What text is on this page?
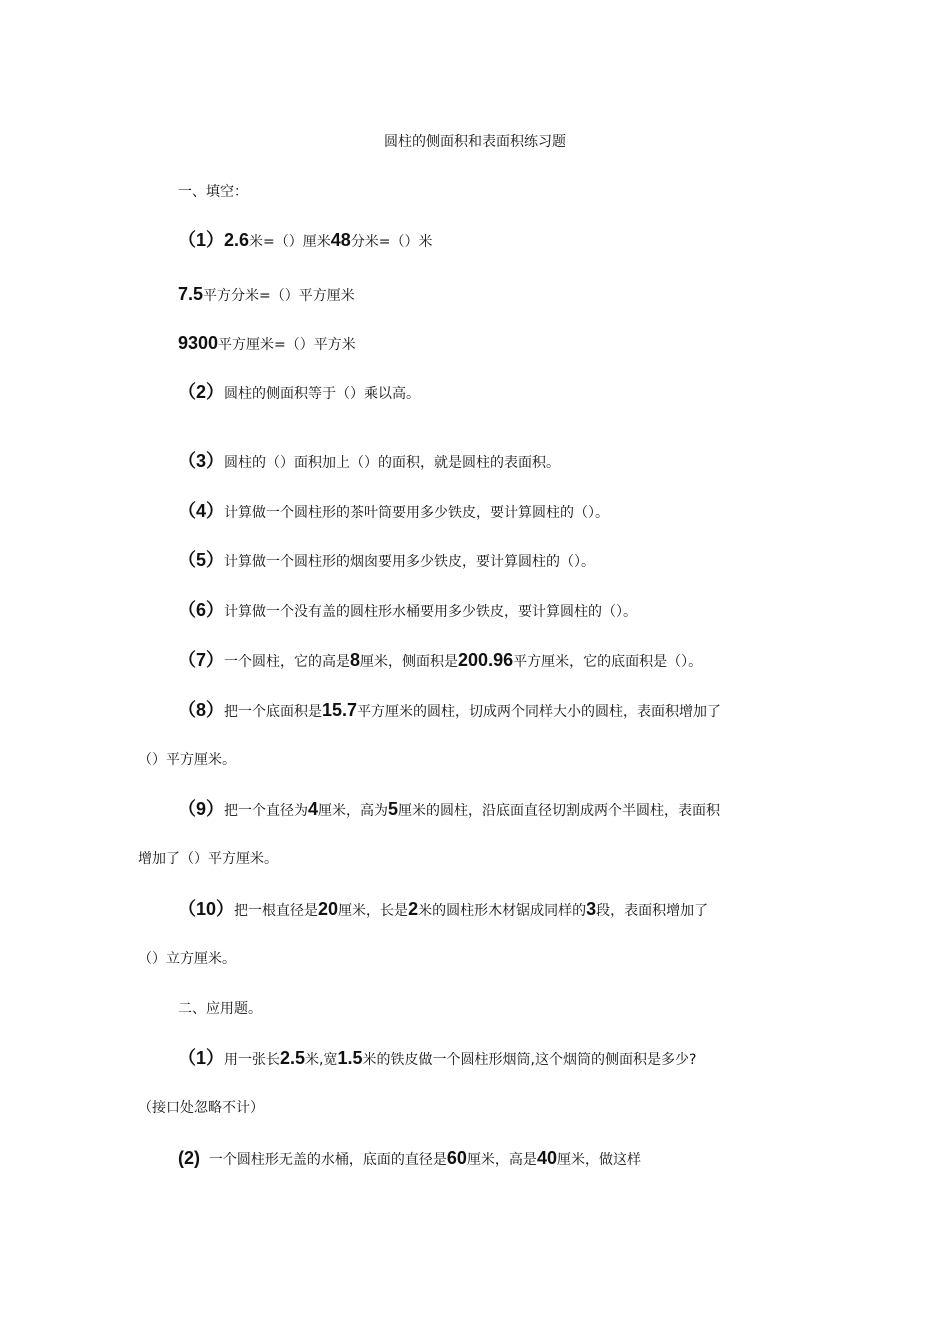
圆柱的侧面积和表面积练习题
一、填空：
（1）2.6米=（）厘米48分米=（）米
7.5平方分米=（）平方厘米
9300平方厘米=（）平方米
（2）圆柱的侧面积等于（）乘以高。
（3）圆柱的（）面积加上（）的面积，就是圆柱的表面积。
（4）计算做一个圆柱形的茶叶筒要用多少铁皮，要计算圆柱的（）。
（5）计算做一个圆柱形的烟囱要用多少铁皮，要计算圆柱的（）。
（6）计算做一个没有盖的圆柱形水桶要用多少铁皮，要计算圆柱的（）。
（7）一个圆柱，它的高是8厘米，侧面积是200.96平方厘米，它的底面积是（）。
（8）把一个底面积是15.7平方厘米的圆柱，切成两个同样大小的圆柱，表面积增加了
（）平方厘米。
（9）把一个直径为4厘米，高为5厘米的圆柱，沿底面直径切割成两个半圆柱，表面积
增加了（）平方厘米。
（10）把一根直径是20厘米，长是2米的圆柱形木材锯成同样的3段，表面积增加了
（）立方厘米。
二、应用题。
（1）用一张长2.5米,宽1.5米的铁皮做一个圆柱形烟筒,这个烟筒的侧面积是多少?
（接口处忽略不计）
(2) 一个圆柱形无盖的水桶，底面的直径是60厘米，高是40厘米，做这样
